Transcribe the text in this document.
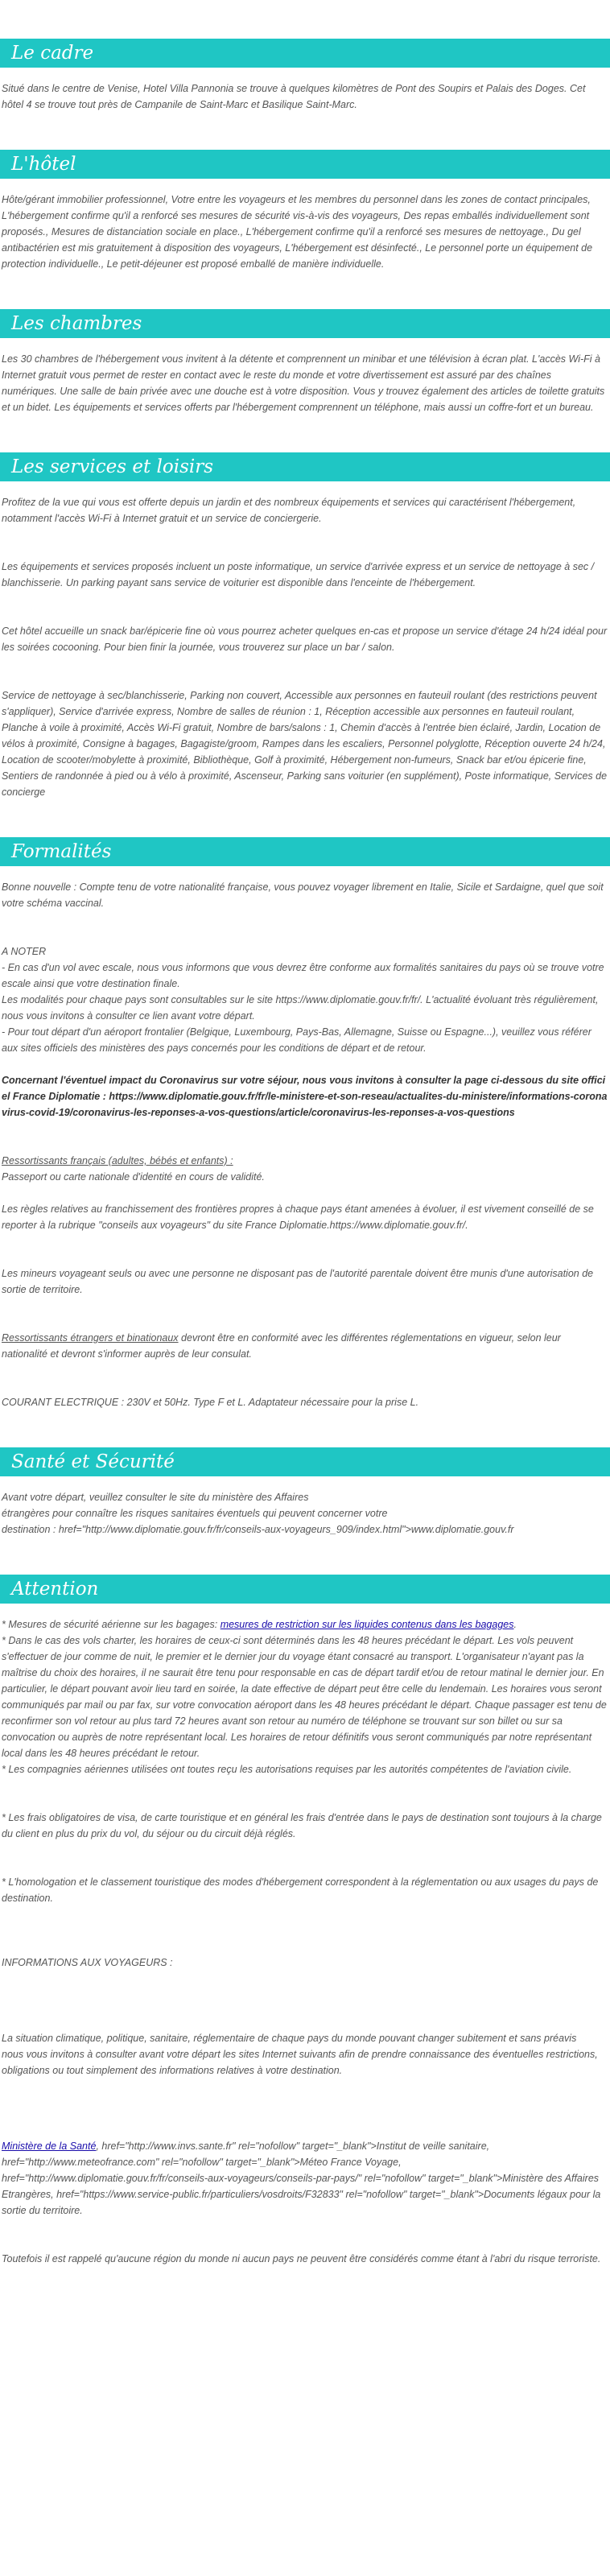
Le cadre

Situé dans le centre de Venise, Hotel Villa Pannonia se trouve à quelques kilomètres de Pont des Soupirs et Palais des Doges. Cet hôtel 4 se trouve tout près de Campanile de Saint-Marc et Basilique Saint-Marc.

L'hôtel

Hôte/gérant immobilier professionnel, Votre entre les voyageurs et les membres du personnel dans les zones de contact principales, L'hébergement confirme qu'il a renforcé ses mesures de sécurité vis-à-vis des voyageurs, Des repas emballés individuellement sont proposés., Mesures de distanciation sociale en place., L'hébergement confirme qu'il a renforcé ses mesures de nettoyage., Du gel antibactérien est mis gratuitement à disposition des voyageurs, L'hébergement est désinfecté., Le personnel porte un équipement de protection individuelle., Le petit-déjeuner est proposé emballé de manière individuelle.

Les chambres

Les 30 chambres de l'hébergement vous invitent à la détente et comprennent un minibar et une télévision à écran plat. L'accès Wi-Fi à Internet gratuit vous permet de rester en contact avec le reste du monde et votre divertissement est assuré par des chaînes numériques. Une salle de bain privée avec une douche est à votre disposition. Vous y trouvez également des articles de toilette gratuits et un bidet. Les équipements et services offerts par l'hébergement comprennent un téléphone, mais aussi un coffre-fort et un bureau.

Les services et loisirs

Profitez de la vue qui vous est offerte depuis un jardin et des nombreux équipements et services qui caractérisent l'hébergement, notamment l'accès Wi-Fi à Internet gratuit et un service de conciergerie.

Les équipements et services proposés incluent un poste informatique, un service d'arrivée express et un service de nettoyage à sec / blanchisserie. Un parking payant sans service de voiturier est disponible dans l'enceinte de l'hébergement.

Cet hôtel accueille un snack bar/épicerie fine où vous pourrez acheter quelques en-cas et propose un service d'étage 24 h/24 idéal pour les soirées cocooning. Pour bien finir la journée, vous trouverez sur place un bar / salon.

Service de nettoyage à sec/blanchisserie, Parking non couvert, Accessible aux personnes en fauteuil roulant (des restrictions peuvent s'appliquer), Service d'arrivée express, Nombre de salles de réunion : 1, Réception accessible aux personnes en fauteuil roulant, Planche à voile à proximité, Accès Wi-Fi gratuit, Nombre de bars/salons : 1, Chemin d'accès à l'entrée bien éclairé, Jardin, Location de vélos à proximité, Consigne à bagages, Bagagiste/groom, Rampes dans les escaliers, Personnel polyglotte, Réception ouverte 24 h/24, Location de scooter/mobylette à proximité, Bibliothèque, Golf à proximité, Hébergement non-fumeurs, Snack bar et/ou épicerie fine, Sentiers de randonnée à pied ou à vélo à proximité, Ascenseur, Parking sans voiturier (en supplément), Poste informatique, Services de concierge

Formalités

Bonne nouvelle : Compte tenu de votre nationalité française, vous pouvez voyager librement en Italie, Sicile et Sardaigne, quel que soit votre schéma vaccinal.

A NOTER
- En cas d'un vol avec escale, nous vous informons que vous devrez être conforme aux formalités sanitaires du pays où se trouve votre escale ainsi que votre destination finale.
Les modalités pour chaque pays sont consultables sur le site https://www.diplomatie.gouv.fr/fr/. L'actualité évoluant très régulièrement, nous vous invitons à consulter ce lien avant votre départ.
- Pour tout départ d'un aéroport frontalier (Belgique, Luxembourg, Pays-Bas, Allemagne, Suisse ou Espagne...), veuillez vous référer aux sites officiels des ministères des pays concernés pour les conditions de départ et de retour.

Concernant l'éventuel impact du Coronavirus sur votre séjour, nous vous invitons à consulter la page ci-dessous du site officiel France Diplomatie : https://www.diplomatie.gouv.fr/fr/le-ministere-et-son-reseau/actualites-du-ministere/informations-coronavirus-covid-19/coronavirus-les-reponses-a-vos-questions/article/coronavirus-les-reponses-a-vos-questions

Ressortissants français (adultes, bébés et enfants) :
Passeport ou carte nationale d'identité en cours de validité.

Les règles relatives au franchissement des frontières propres à chaque pays étant amenées à évoluer, il est vivement conseillé de se reporter à la rubrique "conseils aux voyageurs" du site France Diplomatie.https://www.diplomatie.gouv.fr/.

Les mineurs voyageant seuls ou avec une personne ne disposant pas de l'autorité parentale doivent être munis d'une autorisation de sortie de territoire.

Ressortissants étrangers et binationaux devront être en conformité avec les différentes réglementations en vigueur, selon leur nationalité et devront s'informer auprès de leur consulat.

COURANT ELECTRIQUE : 230V et 50Hz. Type F et L. Adaptateur nécessaire pour la prise L.

Santé et Sécurité
Avant votre départ, veuillez consulter le site du ministère des Affaires
étrangères pour connaître les risques sanitaires éventuels qui peuvent concerner votre
destination : href="http://www.diplomatie.gouv.fr/fr/conseils-aux-voyageurs_909/index.html">www.diplomatie.gouv.fr
Attention
* Mesures de sécurité aérienne sur les bagages: mesures de restriction sur les liquides contenus dans les bagages.

* Dans le cas des vols charter, les horaires de ceux-ci sont déterminés dans les 48 heures précédant le départ. Les vols peuvent s'effectuer de jour comme de nuit, le premier et le dernier jour du voyage étant consacré au transport. L'organisateur n'ayant pas la maîtrise du choix des horaires, il ne saurait être tenu pour responsable en cas de départ tardif et/ou de retour matinal le dernier jour. En particulier, le départ pouvant avoir lieu tard en soirée, la date effective de départ peut être celle du lendemain. Les horaires vous seront communiqués par mail ou par fax, sur votre convocation aéroport dans les 48 heures précédant le départ. Chaque passager est tenu de reconfirmer son vol retour au plus tard 72 heures avant son retour au numéro de téléphone se trouvant sur son billet ou sur sa convocation ou auprès de notre représentant local. Les horaires de retour définitifs vous seront communiqués par notre représentant local dans les 48 heures précédant le retour.

* Les compagnies aériennes utilisées ont toutes reçu les autorisations requises par les autorités compétentes de l'aviation civile.

* Les frais obligatoires de visa, de carte touristique et en général les frais d'entrée dans le pays de destination sont toujours à la charge du client en plus du prix du vol, du séjour ou du circuit déjà réglés.

* L'homologation et le classement touristique des modes d'hébergement correspondent à la réglementation ou aux usages du pays de destination.

INFORMATIONS AUX VOYAGEURS :

La situation climatique, politique, sanitaire, réglementaire de chaque pays du monde pouvant changer subitement et sans préavis

nous vous invitons à consulter avant votre départ les sites Internet suivants afin de prendre connaissance des éventuelles restrictions, obligations ou tout simplement des informations relatives à votre destination.

Ministère de la Santé, href="http://www.invs.sante.fr" rel="nofollow" target="_blank">Institut de veille sanitaire, href="http://www.meteofrance.com" rel="nofollow" target="_blank">Méteo France Voyage, href="http://www.diplomatie.gouv.fr/fr/conseils-aux-voyageurs/conseils-par-pays/" rel="nofollow" target="_blank">Ministère des Affaires Etrangères, href="https://www.service-public.fr/particuliers/vosdroits/F32833" rel="nofollow" target="_blank">Documents légaux pour la sortie du territoire.

Toutefois il est rappelé qu'aucune région du monde ni aucun pays ne peuvent être considérés comme étant à l'abri du risque terroriste.
